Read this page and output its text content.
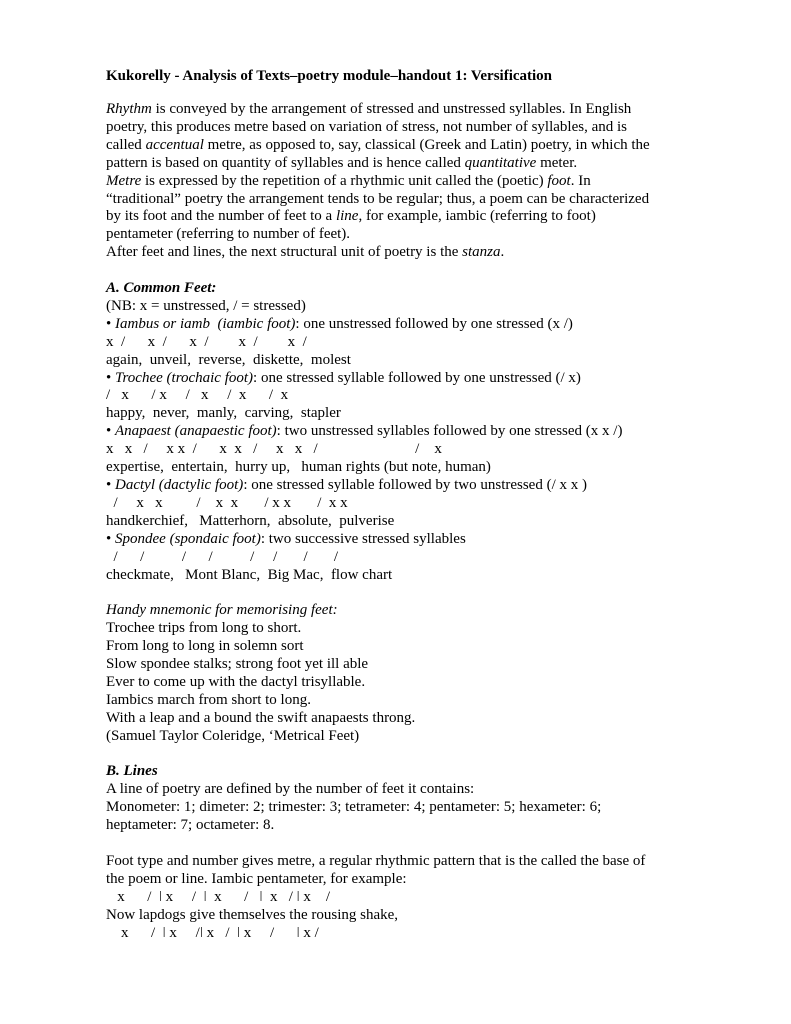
Kukorelly - Analysis of Texts–poetry module–handout 1: Versification

Rhythm is conveyed by the arrangement of stressed and unstressed syllables. In English

poetry, this produces metre based on variation of stress, not number of syllables, and is

called accentual metre, as opposed to, say, classical (Greek and Latin) poetry, in which the

pattern is based on quantity of syllables and is hence called quantitative meter.

Metre is expressed by the repetition of a rhythmic unit called the (poetic) foot. In

“traditional” poetry the arrangement tends to be regular; thus, a poem can be characterized

by its foot and the number of feet to a line, for example, iambic (referring to foot)

pentameter (referring to number of feet).

After feet and lines, the next structural unit of poetry is the stanza.

A. Common Feet:

(NB: x = unstressed, / = stressed)

• Iambus or iamb  (iambic foot): one unstressed followed by one stressed (x /)

x  /      x  /      x  /        x  /        x  /

again,  unveil,  reverse,  diskette,  molest

• Trochee (trochaic foot): one stressed syllable followed by one unstressed (/ x)

/   x      / x     /   x     /  x      /  x

happy,  never,  manly,  carving,  stapler

• Anapaest (anapaestic foot): two unstressed syllables followed by one stressed (x x /)

x   x   /     x x  /      x  x   /     x   x   /                          /    x

expertise,  entertain,  hurry up,   human rights (but note, human)

• Dactyl (dactylic foot): one stressed syllable followed by two unstressed (/ x x )

/     x   x         /    x  x       / x x       /  x x

handkerchief,   Matterhorn,  absolute,  pulverise

• Spondee (spondaic foot): two successive stressed syllables

/      /          /      /          /     /       /       /

checkmate,   Mont Blanc,  Big Mac,  flow chart

Handy mnemonic for memorising feet:

Trochee trips from long to short.

From long to long in solemn sort

Slow spondee stalks; strong foot yet ill able

Ever to come up with the dactyl trisyllable.

Iambics march from short to long.

With a leap and a bound the swift anapaests throng.

(Samuel Taylor Coleridge, ‘Metrical Feet)

B. Lines

A line of poetry are defined by the number of feet it contains:

Monometer: 1; dimeter: 2; trimester: 3; tetrameter: 4; pentameter: 5; hexameter: 6;

heptameter: 7; octameter: 8.

Foot type and number gives metre, a regular rhythmic pattern that is the called the base of

the poem or line. Iambic pentameter, for example:

x      /  ǀ x     /  ǀ  x      /   ǀ  x   / ǀ x    /

Now lapdogs give themselves the rousing shake,

x      /  ǀ x     /ǀ x   /  ǀ x     /      ǀ x /
